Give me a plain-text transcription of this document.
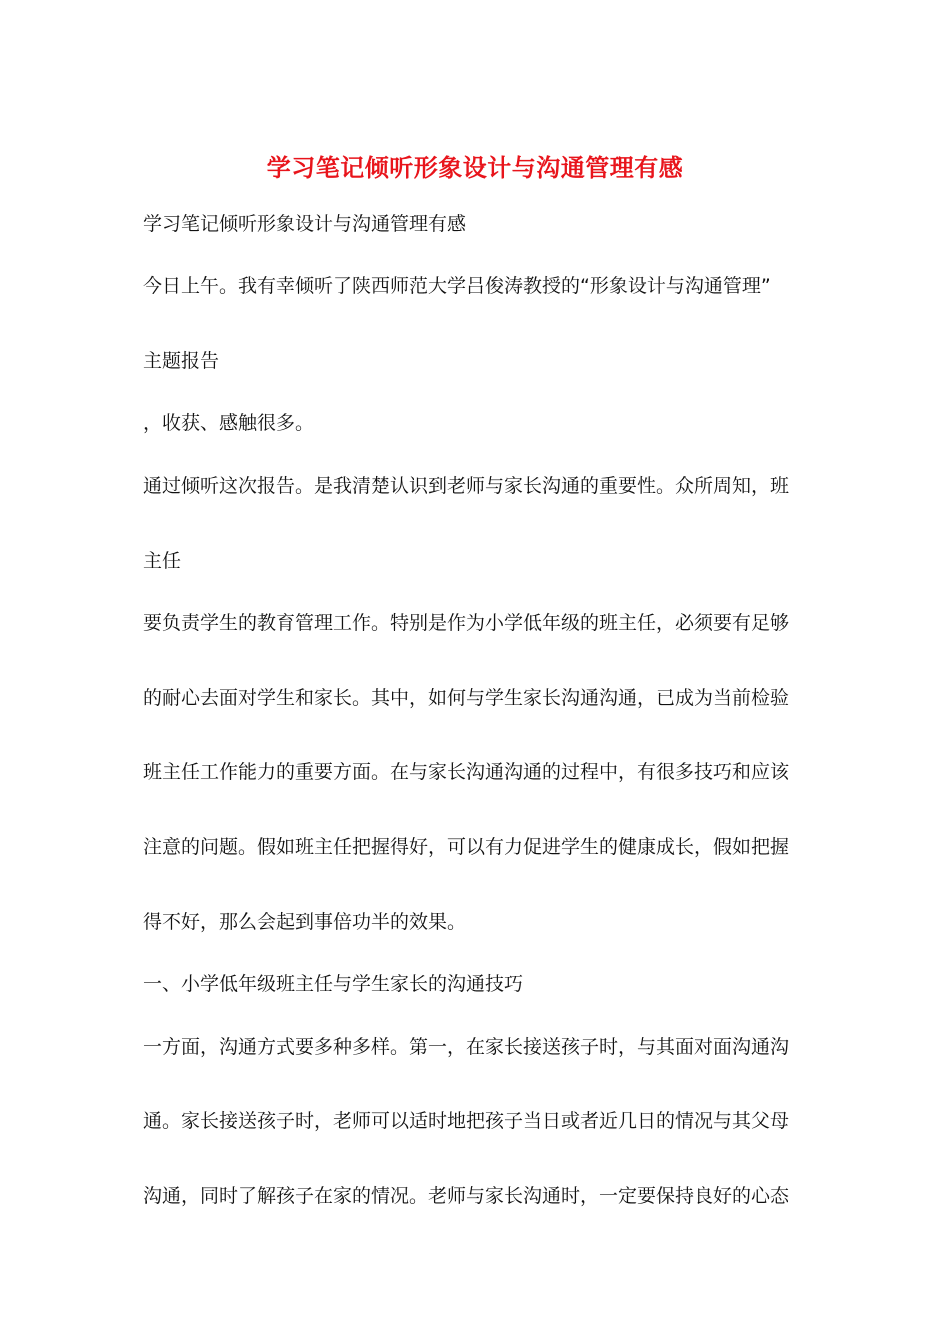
学习笔记倾听形象设计与沟通管理有感
学习笔记倾听形象设计与沟通管理有感
今日上午。我有幸倾听了陕西师范大学吕俊涛教授的“形象设计与沟通管理”
主题报告
，收获、感触很多。
通过倾听这次报告。是我清楚认识到老师与家长沟通的重要性。众所周知，班
主任
要负责学生的教育管理工作。特别是作为小学低年级的班主任，必须要有足够
的耐心去面对学生和家长。其中，如何与学生家长沟通沟通，已成为当前检验
班主任工作能力的重要方面。在与家长沟通沟通的过程中，有很多技巧和应该
注意的问题。假如班主任把握得好，可以有力促进学生的健康成长，假如把握
得不好，那么会起到事倍功半的效果。
一、小学低年级班主任与学生家长的沟通技巧
一方面，沟通方式要多种多样。第一，在家长接送孩子时，与其面对面沟通沟
通。家长接送孩子时，老师可以适时地把孩子当日或者近几日的情况与其父母
沟通，同时了解孩子在家的情况。老师与家长沟通时，一定要保持良好的心态
